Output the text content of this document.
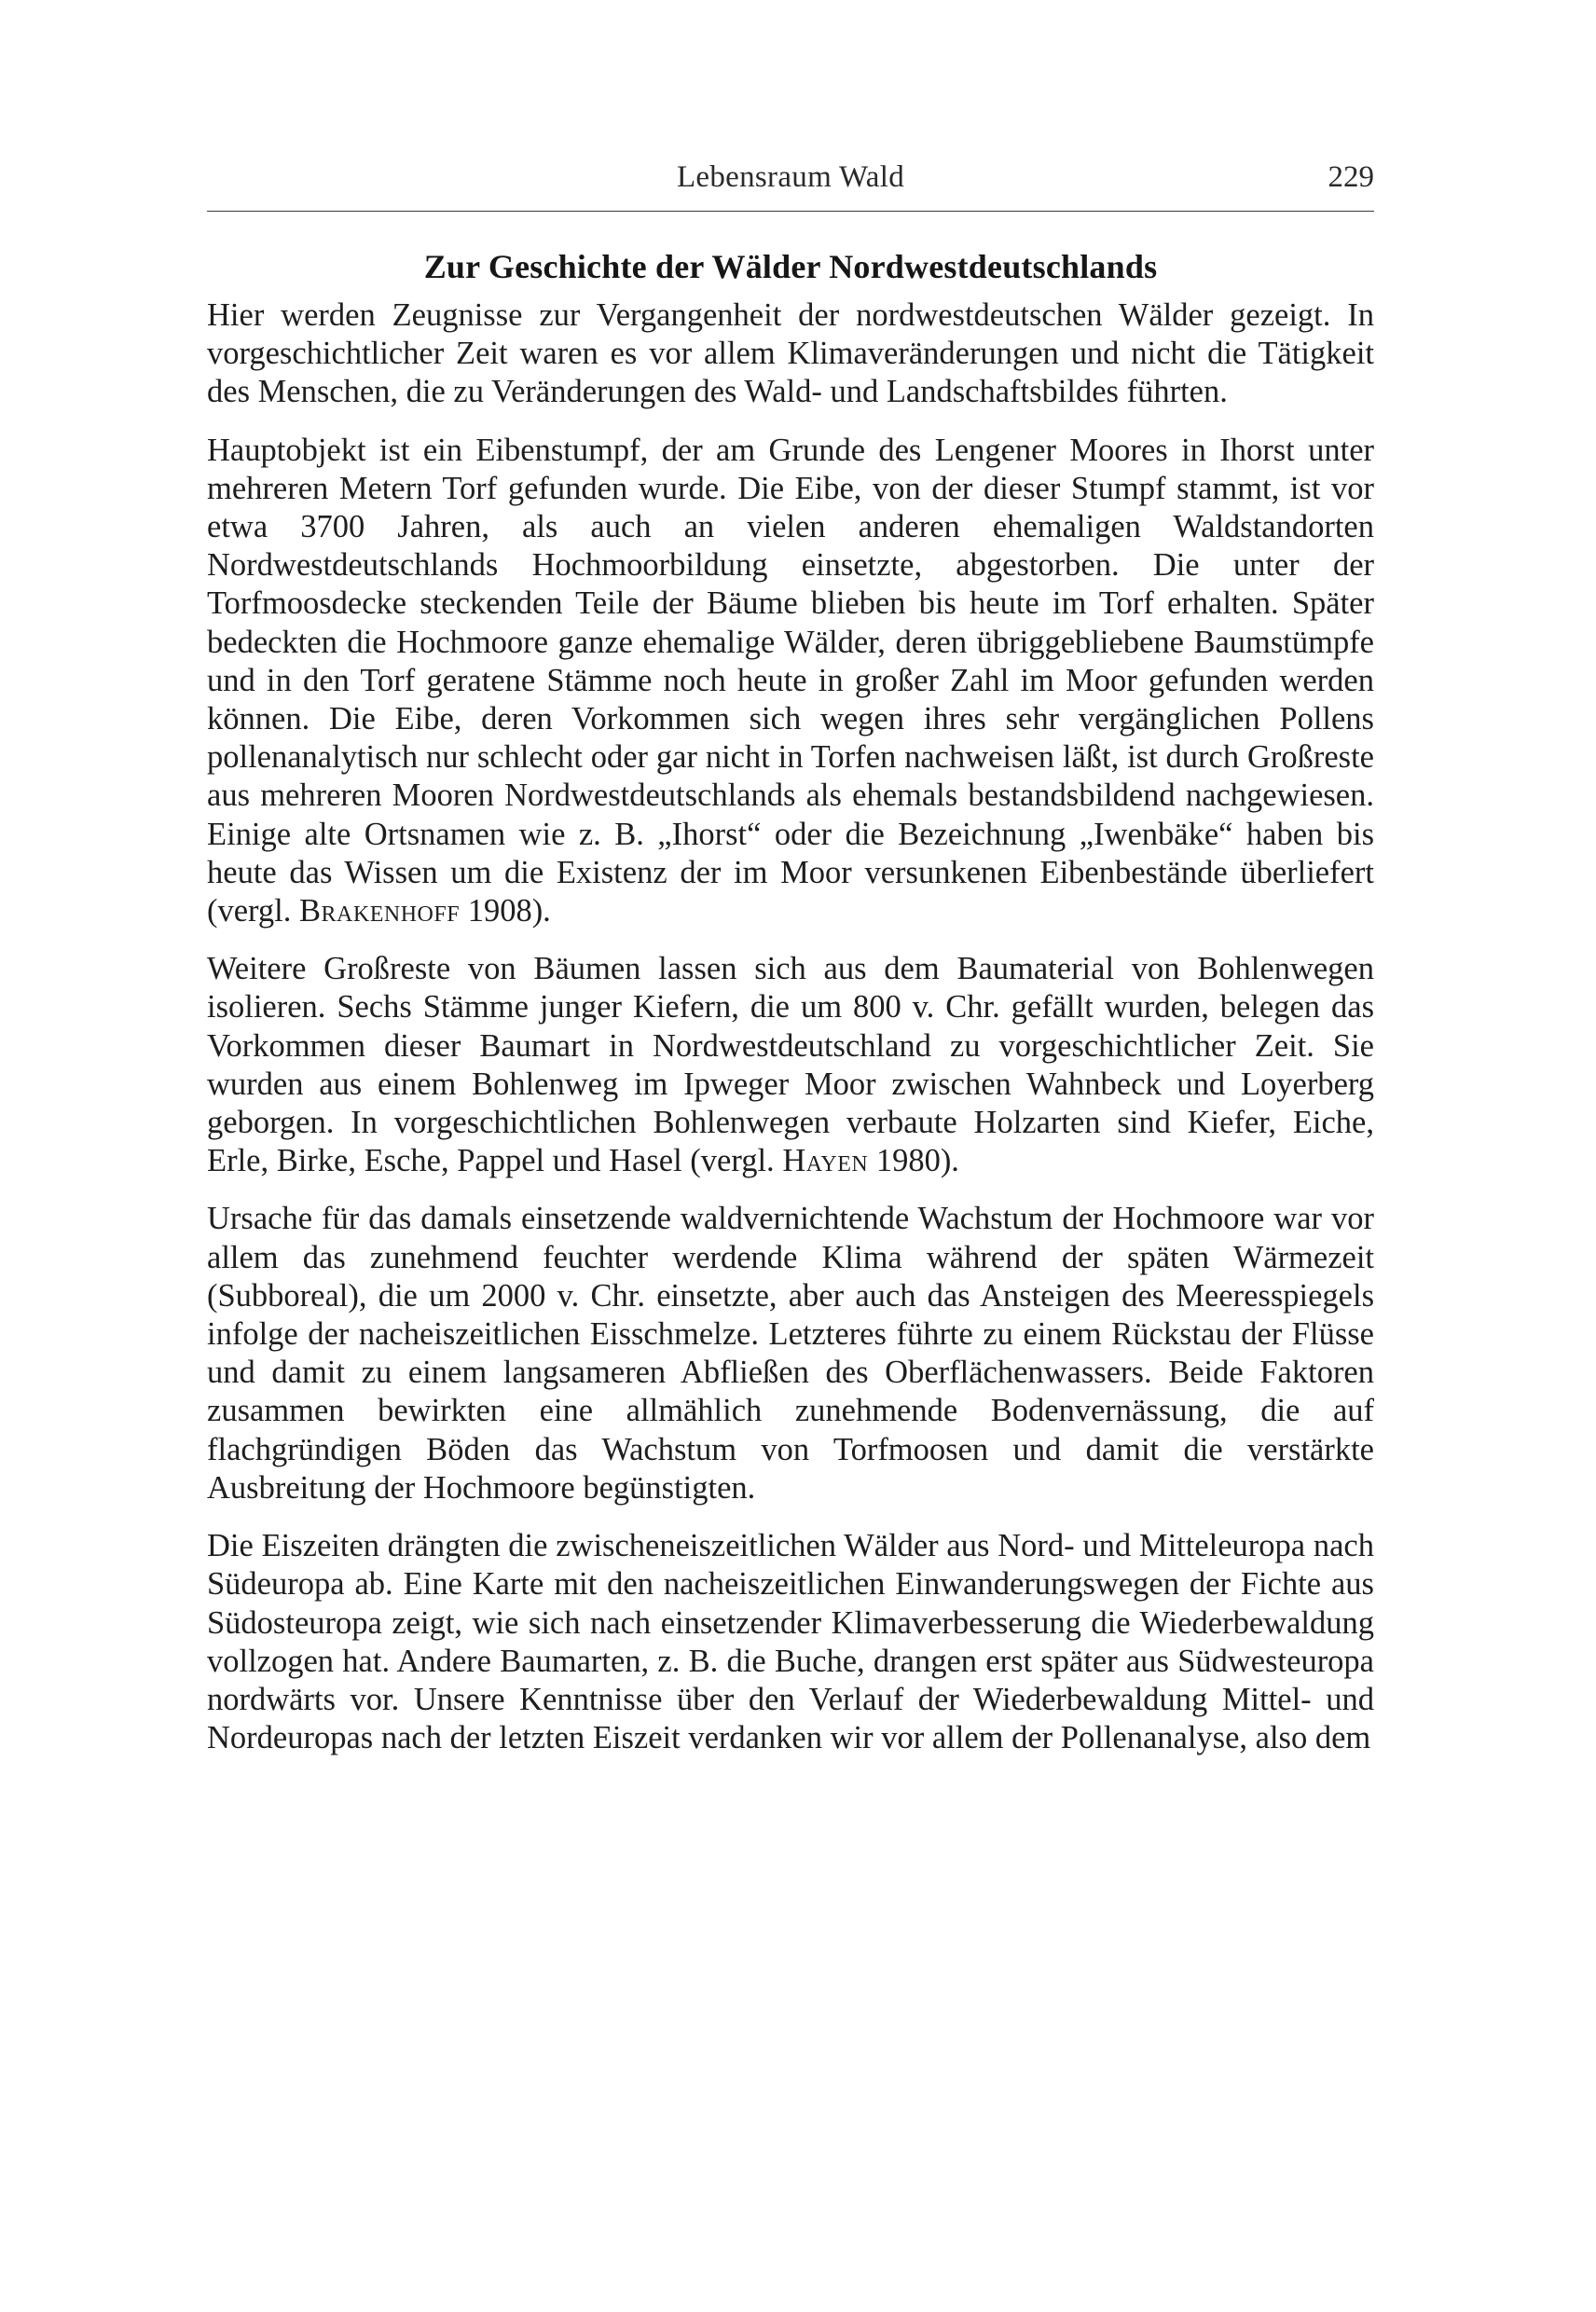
Lebensraum Wald	229
Zur Geschichte der Wälder Nordwestdeutschlands

Hier werden Zeugnisse zur Vergangenheit der nordwestdeutschen Wälder gezeigt. In vorgeschichtlicher Zeit waren es vor allem Klimaveränderungen und nicht die Tätigkeit des Menschen, die zu Veränderungen des Wald- und Landschaftsbildes führten.

Hauptobjekt ist ein Eibenstumpf, der am Grunde des Lengener Moores in Ihorst unter mehreren Metern Torf gefunden wurde. Die Eibe, von der dieser Stumpf stammt, ist vor etwa 3700 Jahren, als auch an vielen anderen ehemaligen Waldstandorten Nordwestdeutschlands Hochmoorbildung einsetzte, abgestorben. Die unter der Torfmoosdecke steckenden Teile der Bäume blieben bis heute im Torf erhalten. Später bedeckten die Hochmoore ganze ehemalige Wälder, deren übriggebliebene Baumstümpfe und in den Torf geratene Stämme noch heute in großer Zahl im Moor gefunden werden können. Die Eibe, deren Vorkommen sich wegen ihres sehr vergänglichen Pollens pollenanalytisch nur schlecht oder gar nicht in Torfen nachweisen läßt, ist durch Großreste aus mehreren Mooren Nordwestdeutschlands als ehemals bestandsbildend nachgewiesen. Einige alte Ortsnamen wie z. B. „Ihorst“ oder die Bezeichnung „Iwenbäke“ haben bis heute das Wissen um die Existenz der im Moor versunkenen Eibenbestände überliefert (vergl. Brakenhoff 1908).

Weitere Großreste von Bäumen lassen sich aus dem Baumaterial von Bohlenwegen isolieren. Sechs Stämme junger Kiefern, die um 800 v. Chr. gefällt wurden, belegen das Vorkommen dieser Baumart in Nordwestdeutschland zu vorgeschichtlicher Zeit. Sie wurden aus einem Bohlenweg im Ipweger Moor zwischen Wahnbeck und Loyerberg geborgen. In vorgeschichtlichen Bohlenwegen verbaute Holzarten sind Kiefer, Eiche, Erle, Birke, Esche, Pappel und Hasel (vergl. Hayen 1980).

Ursache für das damals einsetzende waldvernichtende Wachstum der Hochmoore war vor allem das zunehmend feuchter werdende Klima während der späten Wärmezeit (Subboreal), die um 2000 v. Chr. einsetzte, aber auch das Ansteigen des Meeresspiegels infolge der nacheiszeitlichen Eisschmelze. Letzteres führte zu einem Rückstau der Flüsse und damit zu einem langsameren Abfließen des Oberflächenwassers. Beide Faktoren zusammen bewirkten eine allmählich zunehmende Bodenvernässung, die auf flachgründigen Böden das Wachstum von Torfmoosen und damit die verstärkte Ausbreitung der Hochmoore begünstigten.

Die Eiszeiten drängten die zwischeneiszeitlichen Wälder aus Nord- und Mitteleuropa nach Südeuropa ab. Eine Karte mit den nacheiszeitlichen Einwanderungswegen der Fichte aus Südosteuropa zeigt, wie sich nach einsetzender Klimaverbesserung die Wiederbewaldung vollzogen hat. Andere Baumarten, z. B. die Buche, drangen erst später aus Südwesteuropa nordwärts vor. Unsere Kenntnisse über den Verlauf der Wiederbewaldung Mittel- und Nordeuropas nach der letzten Eiszeit verdanken wir vor allem der Pollenanalyse, also dem
